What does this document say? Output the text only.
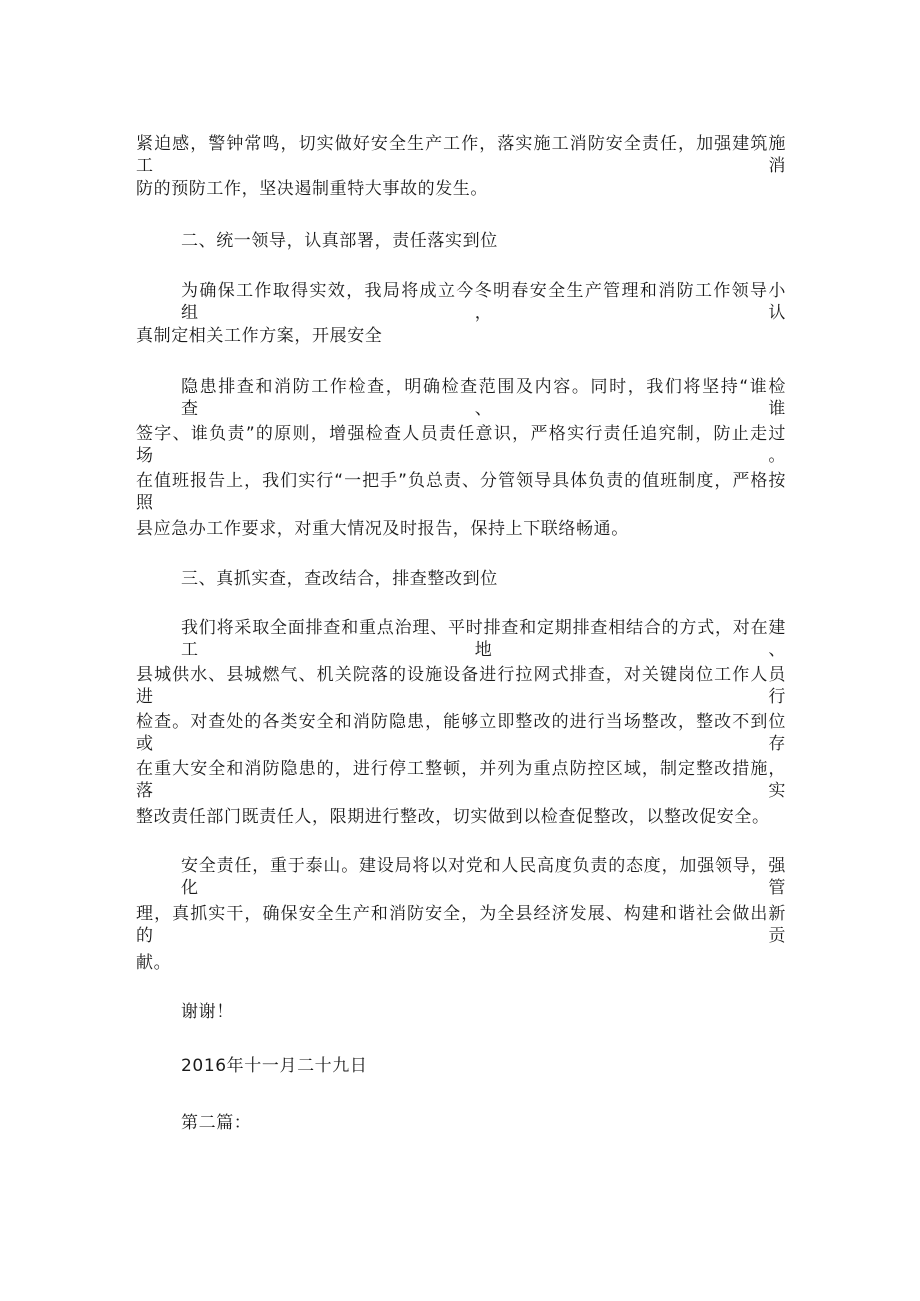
紧迫感，警钟常鸣，切实做好安全生产工作，落实施工消防安全责任，加强建筑施工消
防的预防工作，坚决遏制重特大事故的发生。
二、统一领导，认真部署，责任落实到位
为确保工作取得实效，我局将成立今冬明春安全生产管理和消防工作领导小组，认
真制定相关工作方案，开展安全
隐患排查和消防工作检查，明确检查范围及内容。同时，我们将坚持“谁检查、谁
签字、谁负责”的原则，增强检查人员责任意识，严格实行责任追究制，防止走过场。
在值班报告上，我们实行“一把手”负总责、分管领导具体负责的值班制度，严格按照
县应急办工作要求，对重大情况及时报告，保持上下联络畅通。
三、真抓实查，查改结合，排查整改到位
我们将采取全面排查和重点治理、平时排查和定期排查相结合的方式，对在建工地、
县城供水、县城燃气、机关院落的设施设备进行拉网式排查，对关键岗位工作人员进行
检查。对查处的各类安全和消防隐患，能够立即整改的进行当场整改，整改不到位或存
在重大安全和消防隐患的，进行停工整顿，并列为重点防控区域，制定整改措施，落实
整改责任部门既责任人，限期进行整改，切实做到以检查促整改，以整改促安全。
安全责任，重于泰山。建设局将以对党和人民高度负责的态度，加强领导，强化管
理，真抓实干，确保安全生产和消防安全，为全县经济发展、构建和谐社会做出新的贡
献。
谢谢！
2016年十一月二十九日
第二篇：
